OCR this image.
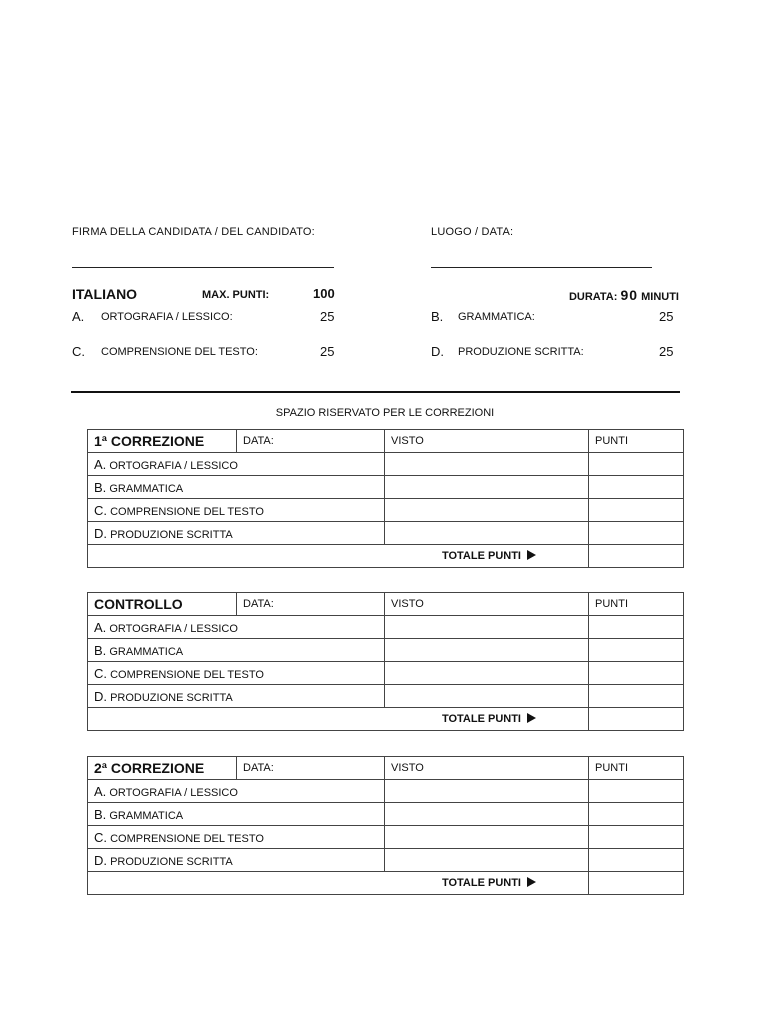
FIRMA DELLA CANDIDATA / DEL CANDIDATO:	LUOGO / DATA:
ITALIANO	MAX. PUNTI:	100	DURATA: 90 MINUTI
A. ORTOGRAFIA / LESSICO:	25	B. GRAMMATICA:	25
C. COMPRENSIONE DEL TESTO:	25	D. PRODUZIONE SCRITTA:	25
SPAZIO RISERVATO PER LE CORREZIONI
1ª CORREZIONE	DATA:	VISTO	PUNTI
A. ORTOGRAFIA / LESSICO			
B. GRAMMATICA			
C. COMPRENSIONE DEL TESTO			
D. PRODUZIONE SCRITTA			
TOTALE PUNTI			
CONTROLLO	DATA:	VISTO	PUNTI
A. ORTOGRAFIA / LESSICO			
B. GRAMMATICA			
C. COMPRENSIONE DEL TESTO			
D. PRODUZIONE SCRITTA			
TOTALE PUNTI			
2ª CORREZIONE	DATA:	VISTO	PUNTI
A. ORTOGRAFIA / LESSICO			
B. GRAMMATICA			
C. COMPRENSIONE DEL TESTO			
D. PRODUZIONE SCRITTA			
TOTALE PUNTI			
